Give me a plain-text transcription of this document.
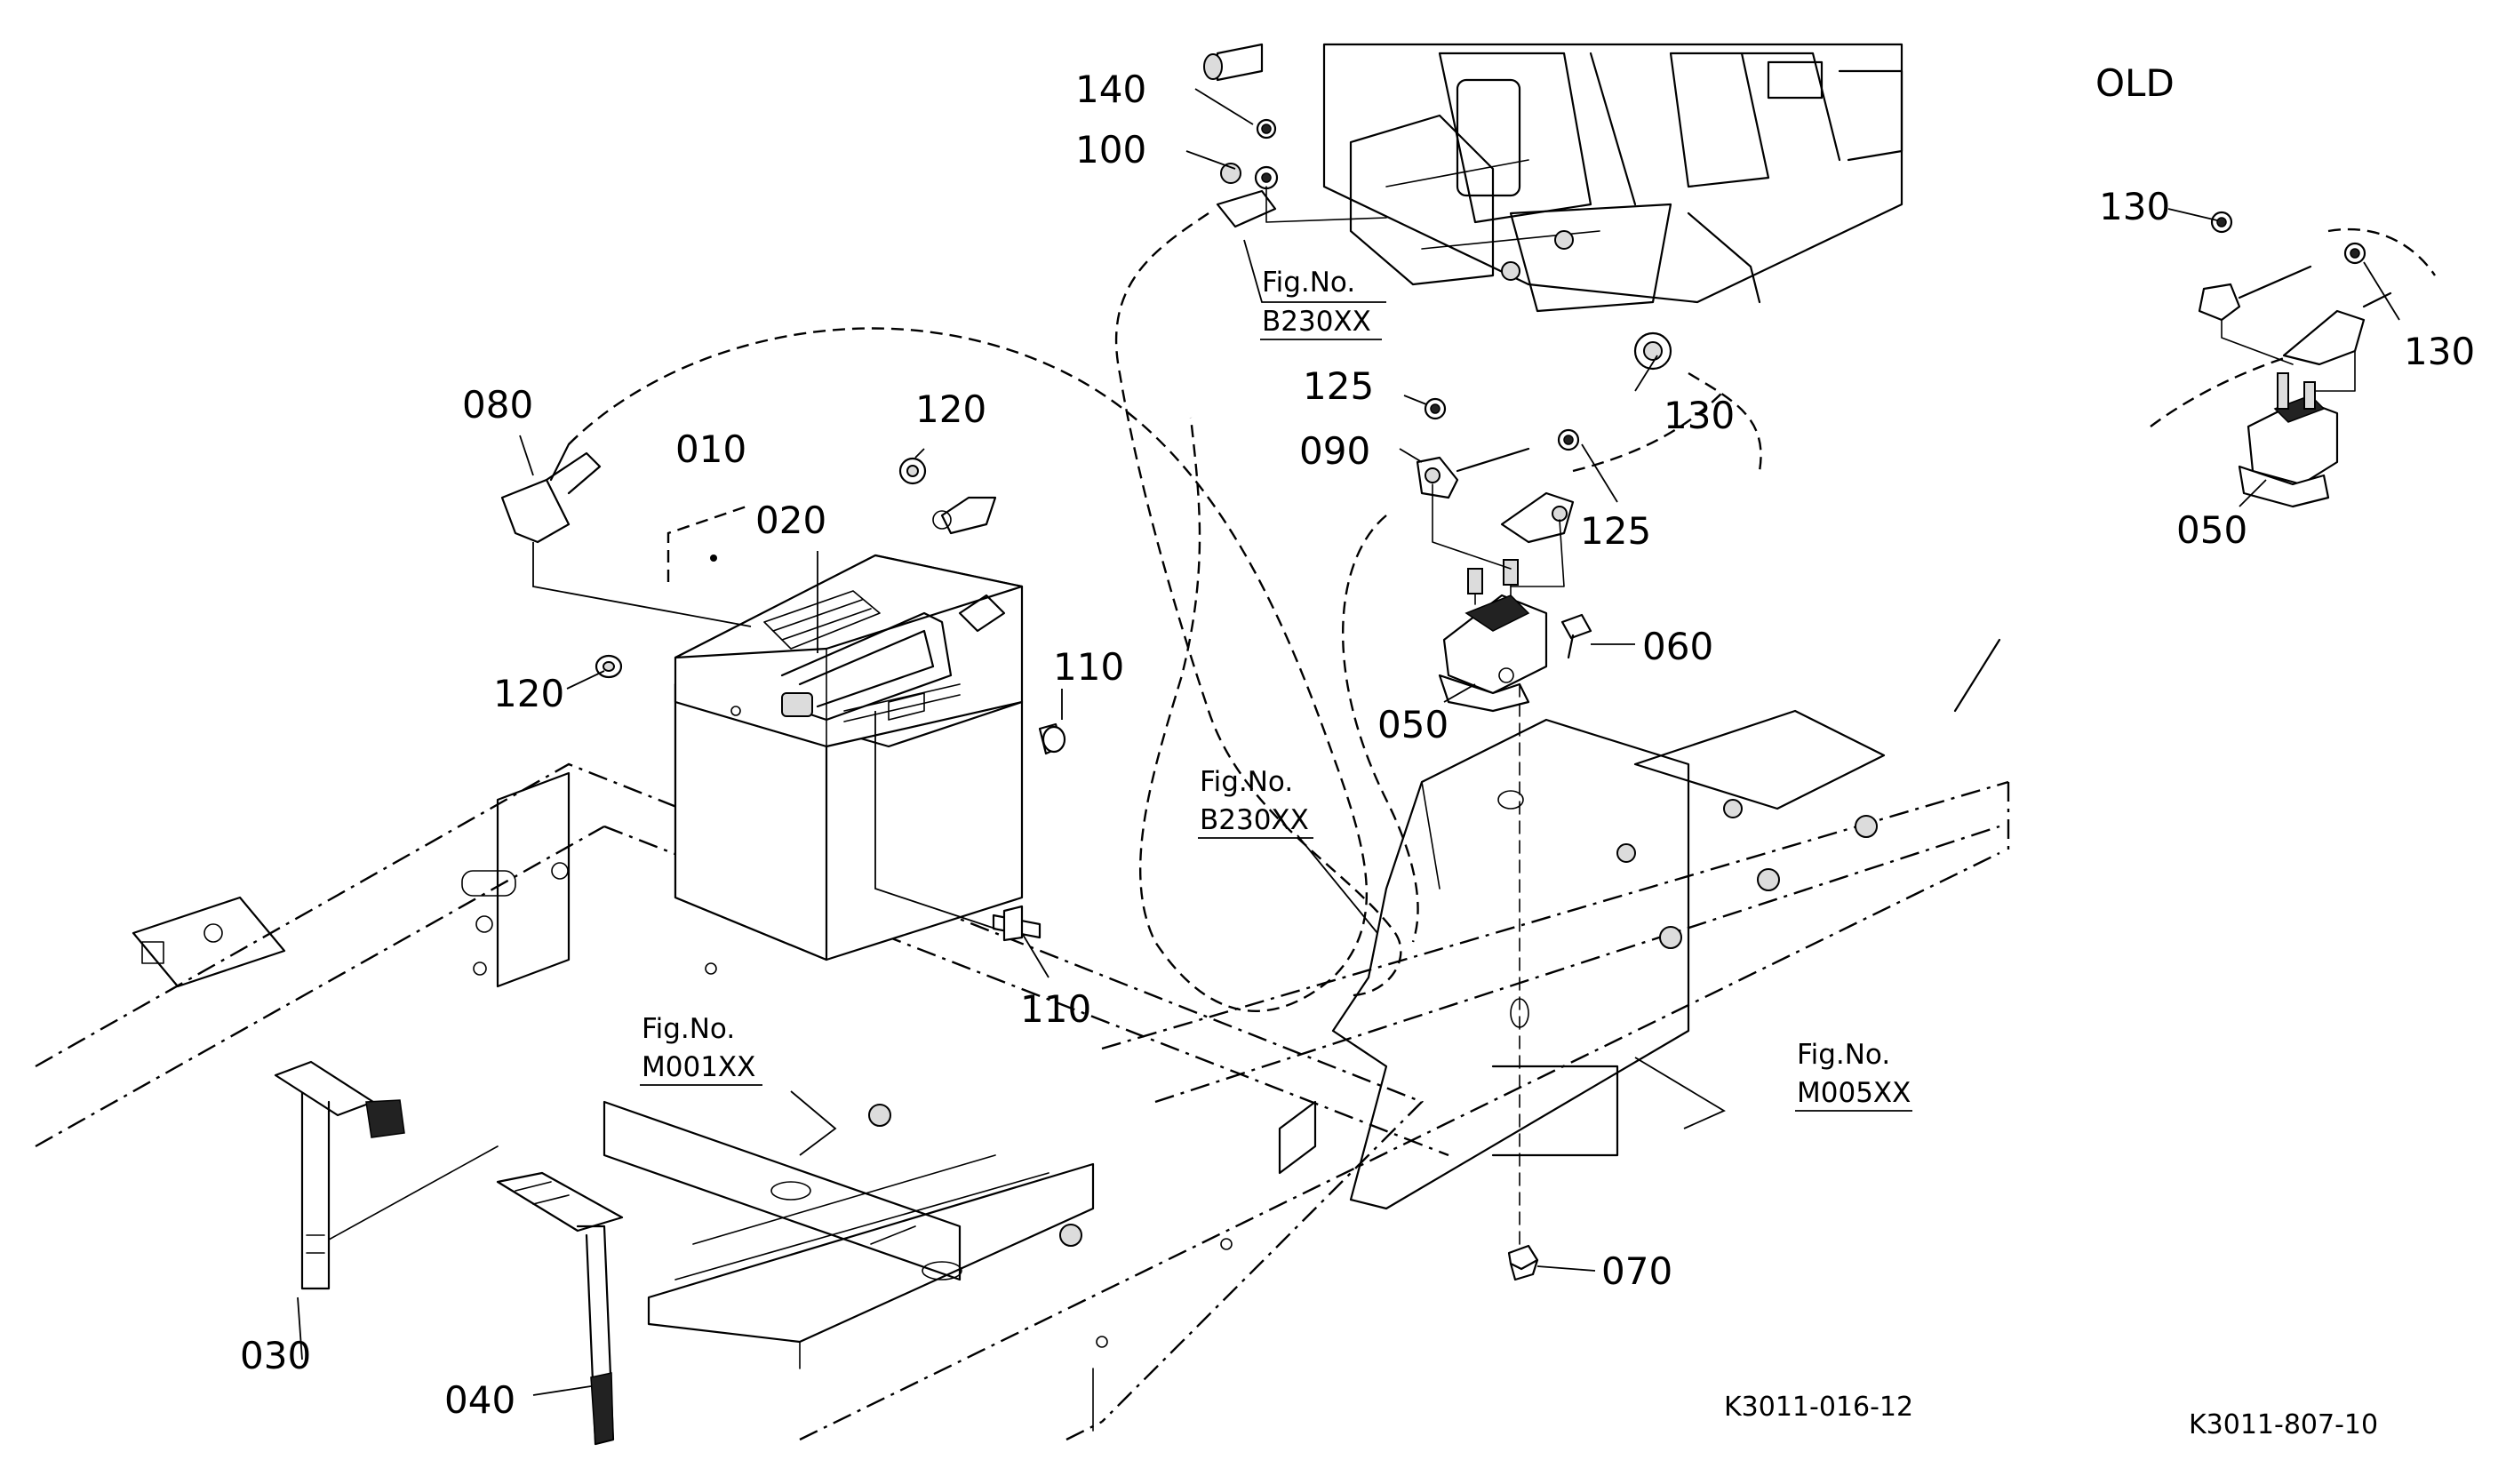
140
100
080
010
020
120
120
110
110
125
125
090
130
060
050
070
030
040
130
130
050
Fig.No.
B230XX
Fig.No.
B230XX
Fig.No.
M001XX	Fig.No.
M005XX
OLD
K3011-016-12
K3011-807-10
